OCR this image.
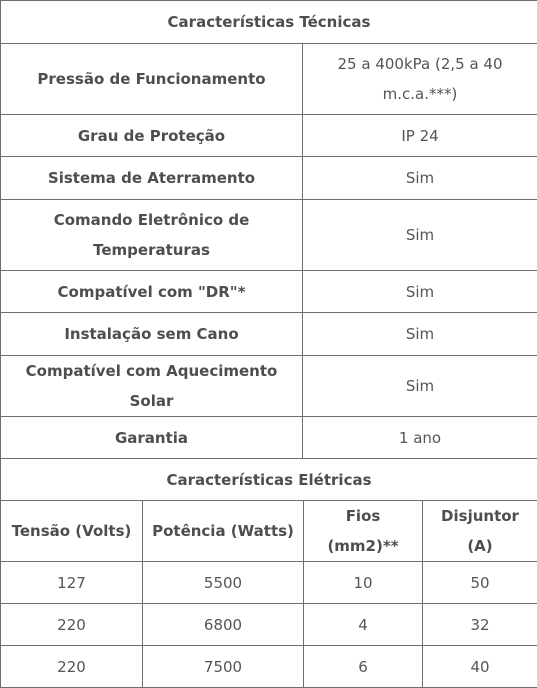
Características Técnicas	
Pressão de Funcionamento	25 a 400kPa (2,5 a 40 m.c.a.***)
Grau de Proteção	IP 24
Sistema de Aterramento	Sim
Comando Eletrônico de Temperaturas	Sim
Compatível com "DR"*	Sim
Instalação sem Cano	Sim
Compatível com Aquecimento Solar	Sim
Garantia	1 ano
Características Elétricas	
Tensão (Volts)	Potência (Watts)	Fios (mm2)**	Disjuntor (A)
127	5500	10	50
220	6800	4	32
220	7500	6	40
